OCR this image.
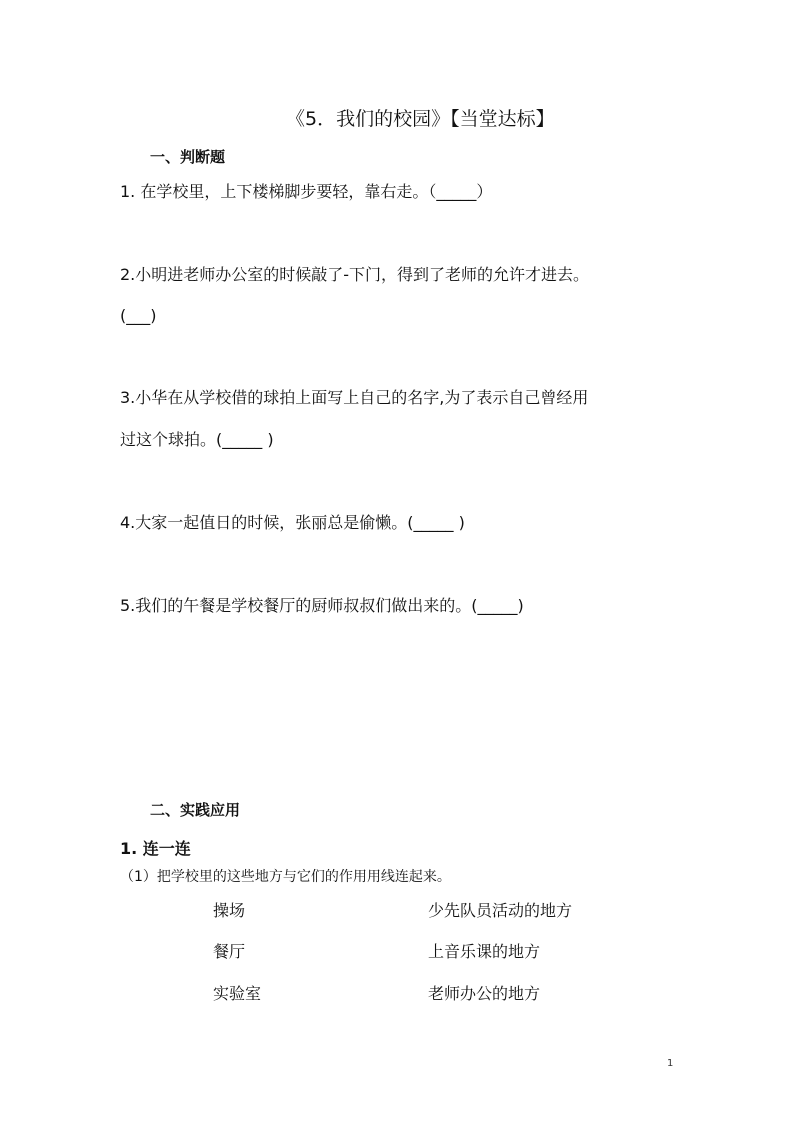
《5．我们的校园》【当堂达标】
一、判断题
1. 在学校里，上下楼梯脚步要轻，靠右走。（_____）
2.小明进老师办公室的时候敲了-下门，得到了老师的允许才进去。
(___)
3.小华在从学校借的球拍上面写上自己的名字,为了表示自己曾经用
过这个球拍。(_____ )
4.大家一起值日的时候，张丽总是偷懒。(_____ )
5.我们的午餐是学校餐厅的厨师叔叔们做出来的。(_____)
二、实践应用
1. 连一连
（1）把学校里的这些地方与它们的作用用线连起来。
操场
餐厅
实验室
少先队员活动的地方
上音乐课的地方
老师办公的地方
1
